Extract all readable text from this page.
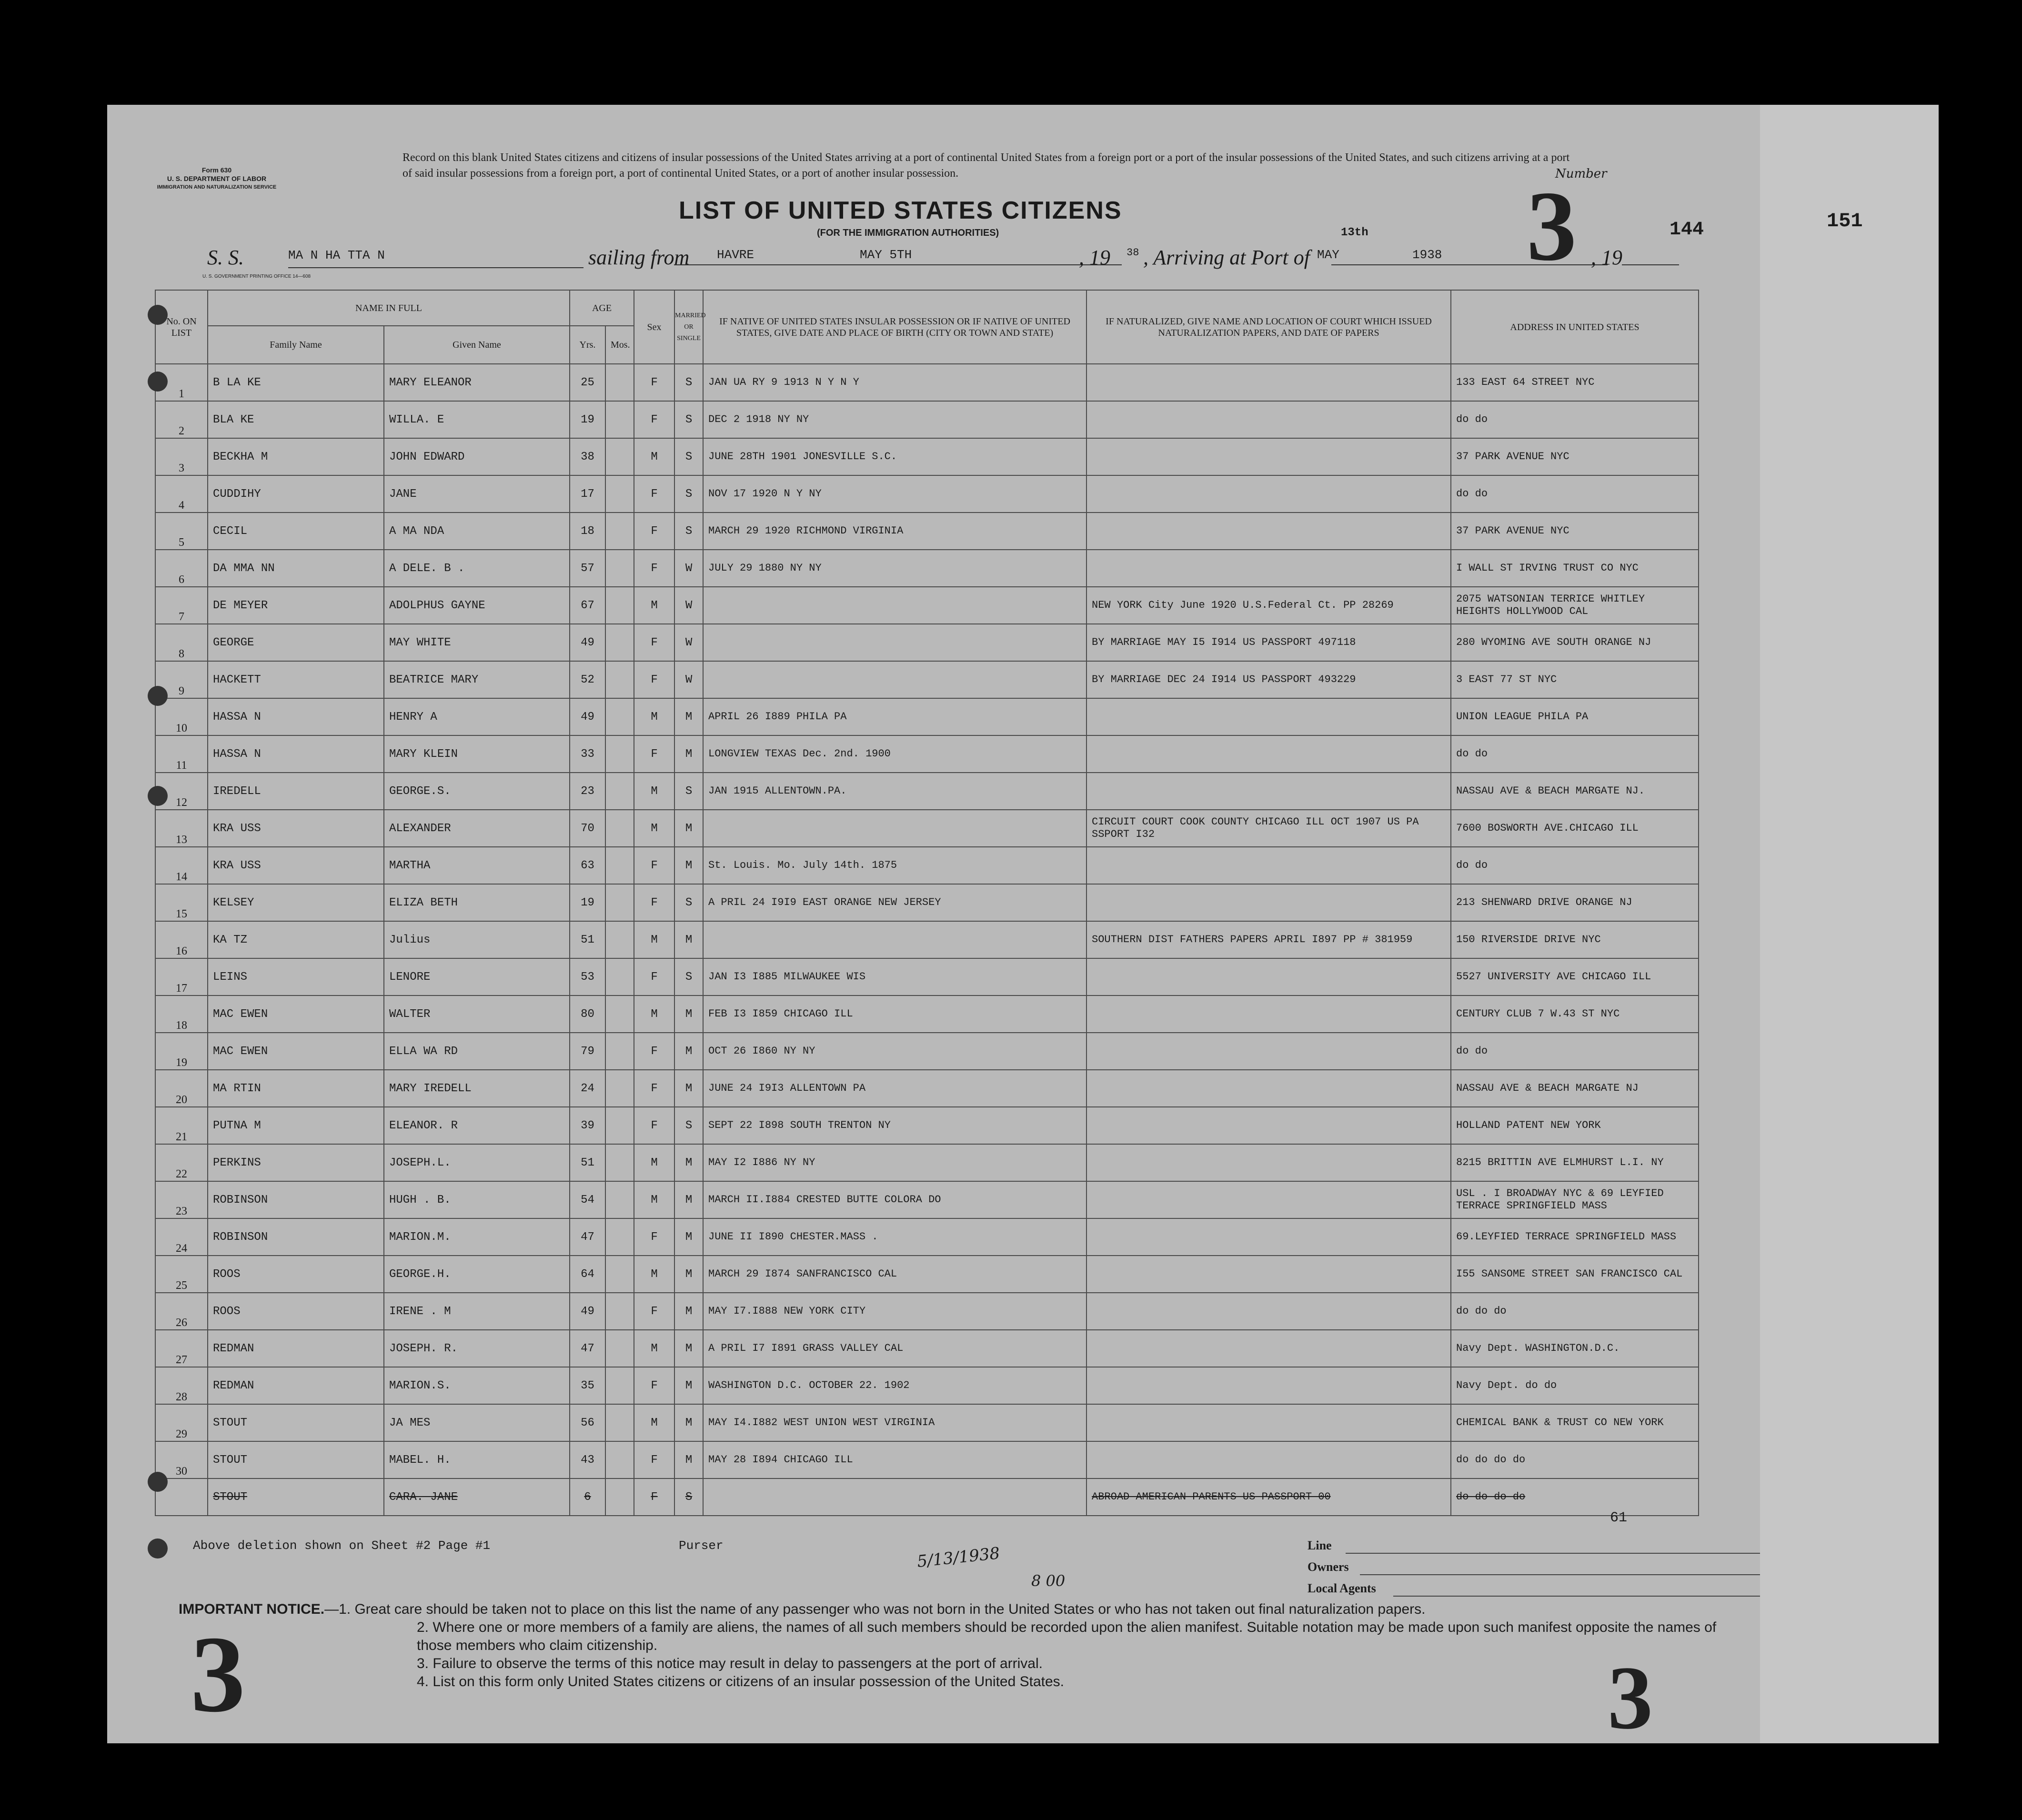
Form 630
U. S. DEPARTMENT OF LABOR
IMMIGRATION AND NATURALIZATION SERVICE
Record on this blank United States citizens and citizens of insular possessions of the United States arriving at a port of continental United States from a foreign port or a port of the insular possessions of the United States, and such citizens arriving at a port of said insular possessions from a foreign port, a port of continental United States, or a port of another insular possession.
LIST OF UNITED STATES CITIZENS
(FOR THE IMMIGRATION AUTHORITIES)
Number
3	144
S. S.	MA N HA TTA N	sailing from HAVRE	MAY 5TH	, 19 38 , Arriving at Port of MAY
13th
1938	, 19
U. S. GOVERNMENT PRINTING OFFICE 14—608
No. ON LIST	NAME IN FULL		AGE		Sex	MARRIED OR SINGLE	IF NATIVE OF UNITED STATES INSULAR POSSESSION OR IF NATIVE OF UNITED STATES, GIVE DATE AND PLACE OF BIRTH (CITY OR TOWN AND STATE)	IF NATURALIZED, GIVE NAME AND LOCATION OF COURT WHICH ISSUED NATURALIZATION PAPERS, AND DATE OF PAPERS	ADDRESS IN UNITED STATES
	Family Name	Given Name	Yrs.	Mos.					
1	B LA KE	MARY ELEANOR	25		F	S	JAN UA RY 9 1913 N Y N Y		133 EAST 64 STREET NYC
2	BLA KE	WILLA. E	19		F	S	DEC 2 1918 NY NY		do do
3	BECKHA M	JOHN EDWARD	38		M	S	JUNE 28TH 1901 JONESVILLE S.C.		37 PARK AVENUE NYC
4	CUDDIHY	JANE	17		F	S	NOV 17 1920 N Y NY		do do
5	CECIL	A MA NDA	18		F	S	MARCH 29 1920 RICHMOND VIRGINIA		37 PARK AVENUE NYC
6	DA MMA NN	A DELE. B .	57		F	W	JULY 29 1880 NY NY		I WALL ST IRVING TRUST CO NYC
7	DE MEYER	ADOLPHUS GAYNE	67		M	W		NEW YORK City June 1920 U.S.Federal Ct. PP 28269	2075 WATSONIAN TERRICE WHITLEY HEIGHTS HOLLYWOOD CAL
8	GEORGE	MAY WHITE	49		F	W		BY MARRIAGE MAY I5 I914 US PASSPORT 497118	280 WYOMING AVE SOUTH ORANGE NJ
9	HACKETT	BEATRICE MARY	52		F	W		BY MARRIAGE DEC 24 I914 US PASSPORT 493229	3 EAST 77 ST NYC
10	HASSA N	HENRY A	49		M	M	APRIL 26 I889 PHILA PA		UNION LEAGUE PHILA PA
11	HASSA N	MARY KLEIN	33		F	M	LONGVIEW TEXAS Dec. 2nd. 1900		do do
12	IREDELL	GEORGE.S.	23		M	S	JAN 1915 ALLENTOWN.PA.		NASSAU AVE & BEACH MARGATE NJ.
13	KRA USS	ALEXANDER	70		M	M		CIRCUIT COURT COOK COUNTY CHICAGO ILL OCT 1907 US PA SSPORT I32	7600 BOSWORTH AVE.CHICAGO ILL
14	KRA USS	MARTHA	63		F	M	St. Louis. Mo. July 14th. 1875		do do
15	KELSEY	ELIZA BETH	19		F	S	A PRIL 24 I9I9 EAST ORANGE NEW JERSEY		213 SHENWARD DRIVE ORANGE NJ
16	KA TZ	Julius	51		M	M		SOUTHERN DIST FATHERS PAPERS APRIL I897 PP # 381959	150 RIVERSIDE DRIVE NYC
17	LEINS	LENORE	53		F	S	JAN I3 I885 MILWAUKEE WIS		5527 UNIVERSITY AVE CHICAGO ILL
18	MAC EWEN	WALTER	80		M	M	FEB I3 I859 CHICAGO ILL		CENTURY CLUB 7 W.43 ST NYC
19	MAC EWEN	ELLA WA RD	79		F	M	OCT 26 I860 NY NY		do do
20	MA RTIN	MARY IREDELL	24		F	M	JUNE 24 I9I3 ALLENTOWN PA		NASSAU AVE & BEACH MARGATE NJ
21	PUTNA M	ELEANOR. R	39		F	S	SEPT 22 I898 SOUTH TRENTON NY		HOLLAND PATENT NEW YORK
22	PERKINS	JOSEPH.L.	51		M	M	MAY I2 I886 NY NY		8215 BRITTIN AVE ELMHURST L.I. NY
23	ROBINSON	HUGH . B.	54		M	M	MARCH II.I884 CRESTED BUTTE COLORA DO		USL . I BROADWAY NYC & 69 LEYFIED TERRACE SPRINGFIELD MASS
24	ROBINSON	MARION.M.	47		F	M	JUNE II I890 CHESTER.MASS .		69.LEYFIED TERRACE SPRINGFIELD MASS
25	ROOS	GEORGE.H.	64		M	M	MARCH 29 I874 SANFRANCISCO CAL		I55 SANSOME STREET SAN FRANCISCO CAL
26	ROOS	IRENE . M	49		F	M	MAY I7.I888 NEW YORK CITY		do do do
27	REDMAN	JOSEPH. R.	47		M	M	A PRIL I7 I891 GRASS VALLEY CAL		Navy Dept. WASHINGTON.D.C.
28	REDMAN	MARION.S.	35		F	M	WASHINGTON D.C. OCTOBER 22. 1902		Navy Dept. do do
29	STOUT	JA MES	56		M	M	MAY I4.I882 WEST UNION WEST VIRGINIA		CHEMICAL BANK & TRUST CO NEW YORK
30	STOUT	MABEL. H.	43		F	M	MAY 28 I894 CHICAGO ILL		do do do do
	STOUT	CARA. JANE	6		F	S		ABROAD AMERICAN PARENTS US PASSPORT 00	do do do do
Above deletion shown on Sheet #2 Page #1	Purser	5/13/1938
8 00
61
Line
Owners
Local Agents
IMPORTANT NOTICE.—1. Great care should be taken not to place on this list the name of any passenger who was not born in the United States or who has not taken out final naturalization papers.
2. Where one or more members of a family are aliens, the names of all such members should be recorded upon the alien manifest. Suitable notation may be made upon such manifest opposite the names of those members who claim citizenship.
3. Failure to observe the terms of this notice may result in delay to passengers at the port of arrival.
4. List on this form only United States citizens or citizens of an insular possession of the United States.
3	3
151
